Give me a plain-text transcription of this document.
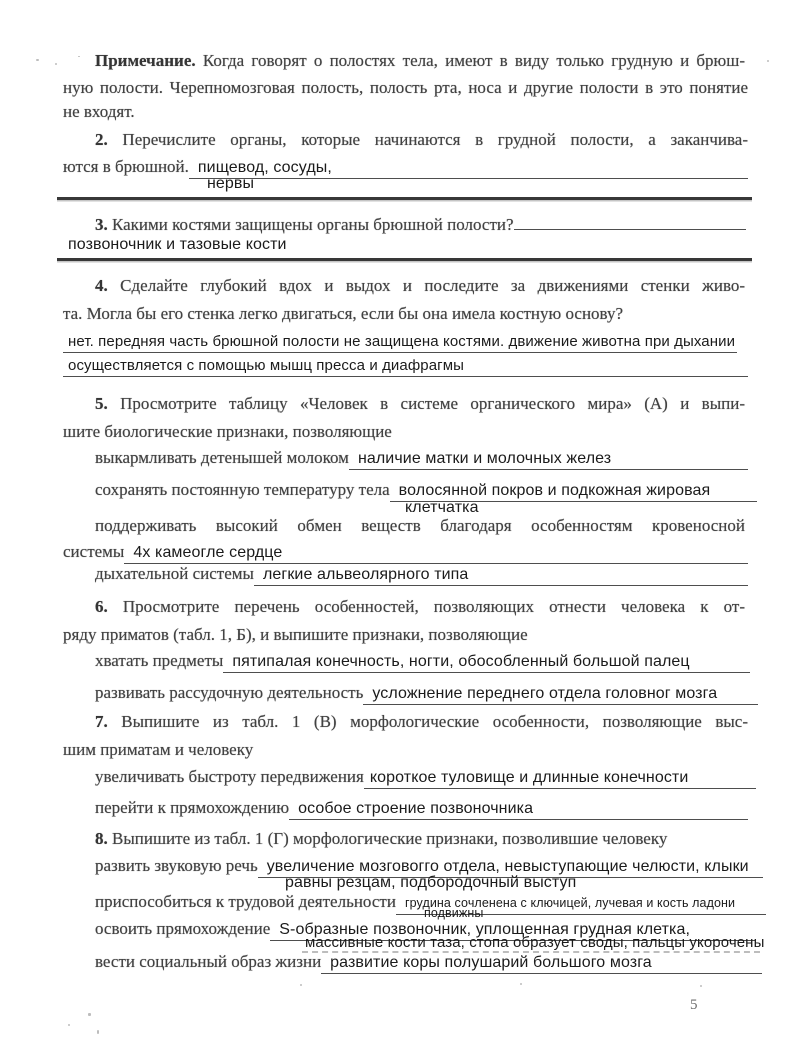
Примечание. Когда говорят о полостях тела, имеют в виду только грудную и брюш-
ную полости. Черепномозговая полость, полость рта, носа и другие полости в это понятие
не входят.
2. Перечислите органы, которые начинаются в грудной полости, а заканчива-
ются в брюшной. пищевод, сосуды,
нервы
3.
Какими костями защищены органы брюшной полости?
позвоночник и тазовые кости
4. Сделайте глубокий вдох и выдох и последите за движениями стенки живо-
та. Могла бы его стенка легко двигаться, если бы она имела костную основу?
нет. передняя часть брюшной полости не защищена костями. движение животна при дыхании
осуществляется с помощью мышц пресса и диафрагмы
5. Просмотрите таблицу «Человек в системе органического мира» (А) и выпи-
шите биологические признаки, позволяющие
выкармливать детенышей молоком наличие матки и молочных желез
сохранять постоянную температуру тела волосянной покров и подкожная жировая
клетчатка
поддерживать высокий обмен веществ благодаря особенностям кровеносной
системы 4х камеогле сердце
дыхательной системы легкие альвеолярного типа
6. Просмотрите перечень особенностей, позволяющих отнести человека к от-
ряду приматов (табл. 1, Б), и выпишите признаки, позволяющие
хватать предметы пятипалая конечность, ногти, обособленный большой палец
развивать рассудочную деятельность усложнение переднего отдела головног мозга
7. Выпишите из табл. 1 (В) морфологические особенности, позволяющие выс-
шим приматам и человеку
увеличивать быстроту передвижения короткое туловище и длинные конечности
перейти к прямохождению особое строение позвоночника
8. Выпишите из табл. 1 (Г) морфологические признаки, позволившие человеку
развить звуковую речь увеличение мозговогго отдела, невыступающие челюсти, клыки
равны резцам, подбородочный выступ
приспособиться к трудовой деятельности грудина сочленена с ключицей, лучевая и кость ладони
подвижны
освоить прямохождение S-образные позвоночник, уплощенная грудная клетка,
массивные кости таза, стопа образует своды, пальцы укорочены
вести социальный образ жизни развитие коры полушарий большого мозга
5
